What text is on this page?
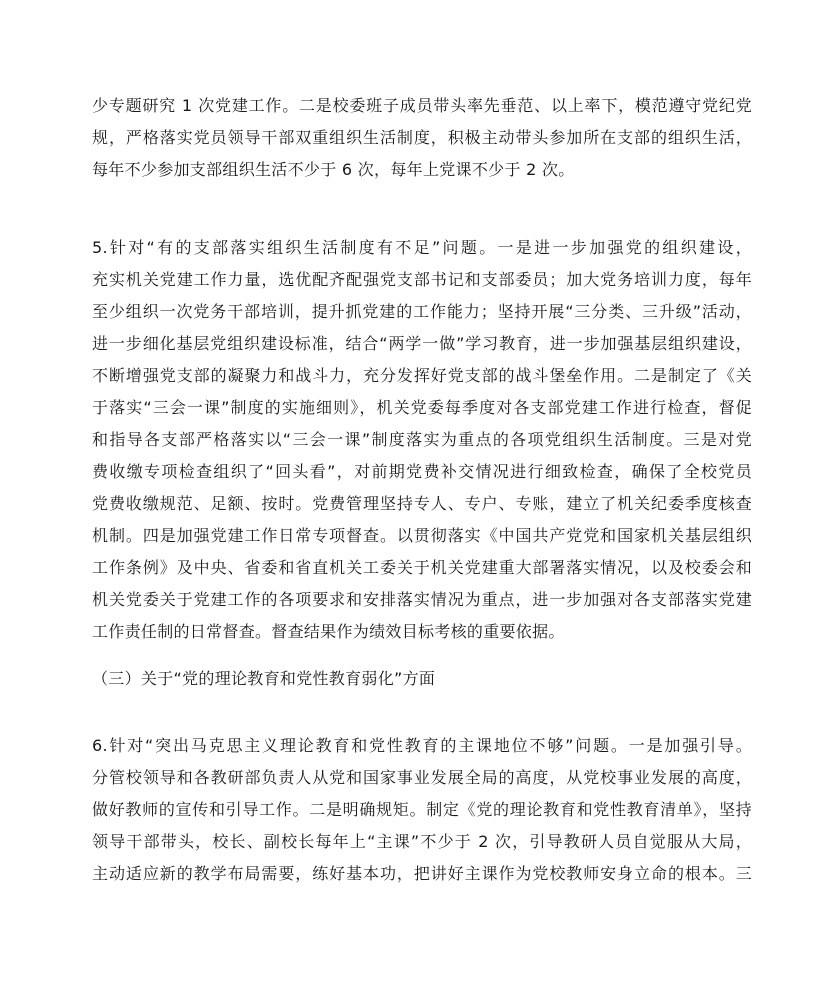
少专题研究 1 次党建工作。二是校委班子成员带头率先垂范、以上率下，模范遵守党纪党
规，严格落实党员领导干部双重组织生活制度，积极主动带头参加所在支部的组织生活，
每年不少参加支部组织生活不少于 6 次，每年上党课不少于 2 次。
5.针对“有的支部落实组织生活制度有不足”问题。一是进一步加强党的组织建设，
充实机关党建工作力量，选优配齐配强党支部书记和支部委员；加大党务培训力度，每年
至少组织一次党务干部培训，提升抓党建的工作能力；坚持开展“三分类、三升级”活动，
进一步细化基层党组织建设标准，结合“两学一做”学习教育，进一步加强基层组织建设，
不断增强党支部的凝聚力和战斗力，充分发挥好党支部的战斗堡垒作用。二是制定了《关
于落实“三会一课”制度的实施细则》，机关党委每季度对各支部党建工作进行检查，督促
和指导各支部严格落实以“三会一课”制度落实为重点的各项党组织生活制度。三是对党
费收缴专项检查组织了“回头看”，对前期党费补交情况进行细致检查，确保了全校党员
党费收缴规范、足额、按时。党费管理坚持专人、专户、专账，建立了机关纪委季度核查
机制。四是加强党建工作日常专项督查。以贯彻落实《中国共产党党和国家机关基层组织
工作条例》及中央、省委和省直机关工委关于机关党建重大部署落实情况，以及校委会和
机关党委关于党建工作的各项要求和安排落实情况为重点，进一步加强对各支部落实党建
工作责任制的日常督查。督查结果作为绩效目标考核的重要依据。
（三）关于“党的理论教育和党性教育弱化”方面
6.针对“突出马克思主义理论教育和党性教育的主课地位不够”问题。一是加强引导。
分管校领导和各教研部负责人从党和国家事业发展全局的高度，从党校事业发展的高度，
做好教师的宣传和引导工作。二是明确规矩。制定《党的理论教育和党性教育清单》，坚持
领导干部带头，校长、副校长每年上“主课”不少于 2 次，引导教研人员自觉服从大局，
主动适应新的教学布局需要，练好基本功，把讲好主课作为党校教师安身立命的根本。三
